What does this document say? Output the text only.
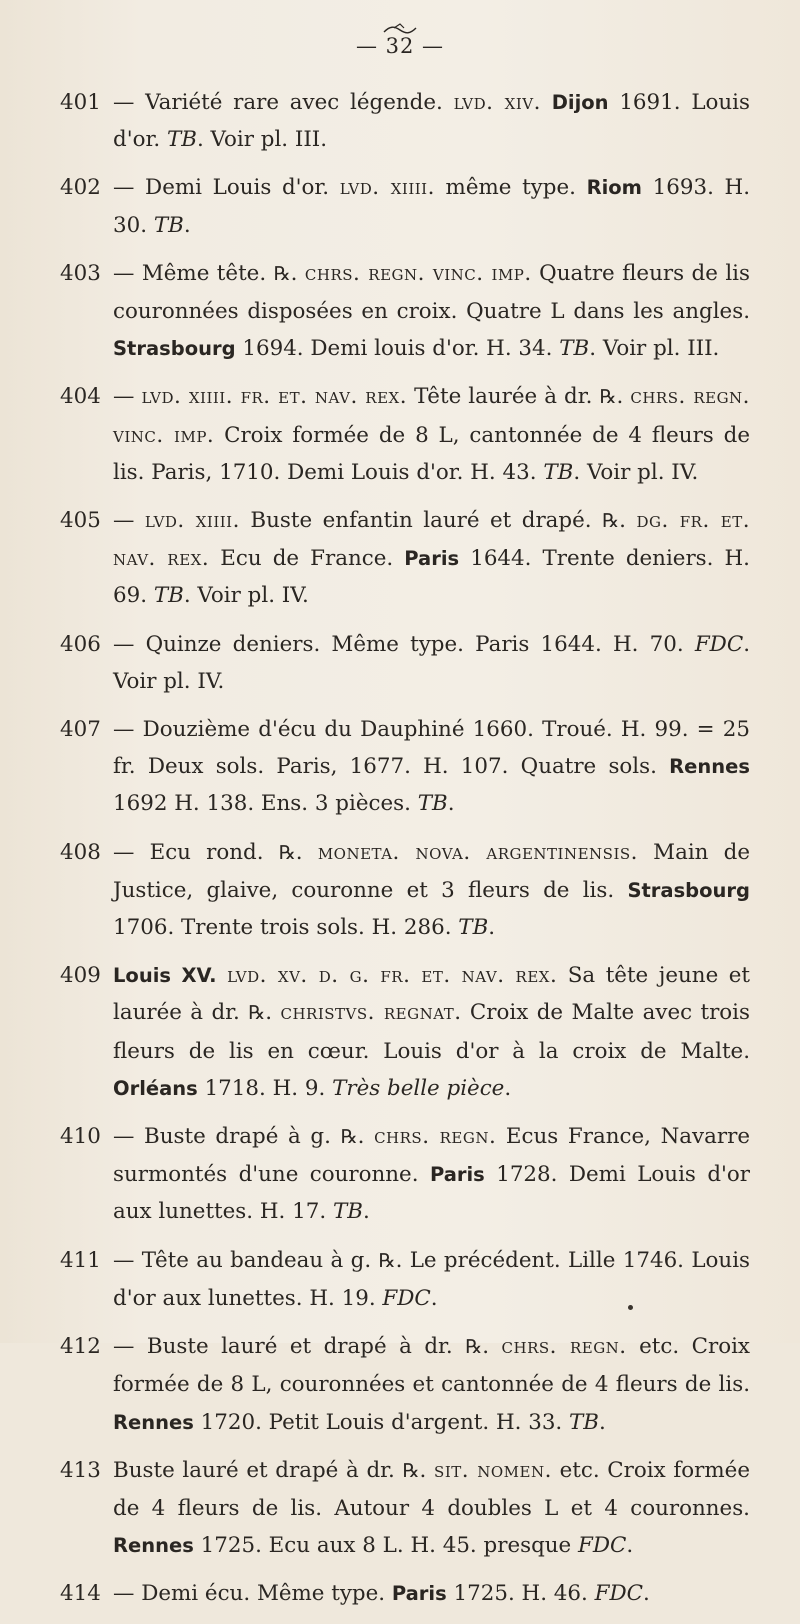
— 32 —
401 — Variété rare avec légende. lvd. xiv. Dijon 1691. Louis d'or. TB. Voir pl. III.
402 — Demi Louis d'or. lvd. xiiii. même type. Riom 1693. H. 30. TB.
403 — Même tête. ℞. chrs. regn. vinc. imp. Quatre fleurs de lis couronnées disposées en croix. Quatre L dans les angles. Strasbourg 1694. Demi louis d'or. H. 34. TB. Voir pl. III.
404 — lvd. xiiii. fr. et. nav. rex. Tête laurée à dr. ℞. chrs. regn. vinc. imp. Croix formée de 8 L, cantonnée de 4 fleurs de lis. Paris, 1710. Demi Louis d'or. H. 43. TB. Voir pl. IV.
405 — lvd. xiiii. Buste enfantin lauré et drapé. ℞. dg. fr. et. nav. rex. Ecu de France. Paris 1644. Trente deniers. H. 69. TB. Voir pl. IV.
406 — Quinze deniers. Même type. Paris 1644. H. 70. FDC. Voir pl. IV.
407 — Douzième d'écu du Dauphiné 1660. Troué. H. 99. = 25 fr. Deux sols. Paris, 1677. H. 107. Quatre sols. Rennes 1692 H. 138. Ens. 3 pièces. TB.
408 — Ecu rond. ℞. moneta. nova. argentinensis. Main de Justice, glaive, couronne et 3 fleurs de lis. Strasbourg 1706. Trente trois sols. H. 286. TB.
409 Louis XV. lvd. xv. d. g. fr. et. nav. rex. Sa tête jeune et laurée à dr. ℞. christvs. regnat. Croix de Malte avec trois fleurs de lis en cœur. Louis d'or à la croix de Malte. Orléans 1718. H. 9. Très belle pièce.
410 — Buste drapé à g. ℞. chrs. regn. Ecus France, Navarre surmontés d'une couronne. Paris 1728. Demi Louis d'or aux lunettes. H. 17. TB.
411 — Tête au bandeau à g. ℞. Le précédent. Lille 1746. Louis d'or aux lunettes. H. 19. FDC.
412 — Buste lauré et drapé à dr. ℞. chrs. regn. etc. Croix formée de 8 L, couronnées et cantonnée de 4 fleurs de lis. Rennes 1720. Petit Louis d'argent. H. 33. TB.
413 Buste lauré et drapé à dr. ℞. sit. nomen. etc. Croix formée de 4 fleurs de lis. Autour 4 doubles L et 4 couronnes. Rennes 1725. Ecu aux 8 L. H. 45. presque FDC.
414 — Demi écu. Même type. Paris 1725. H. 46. FDC.
